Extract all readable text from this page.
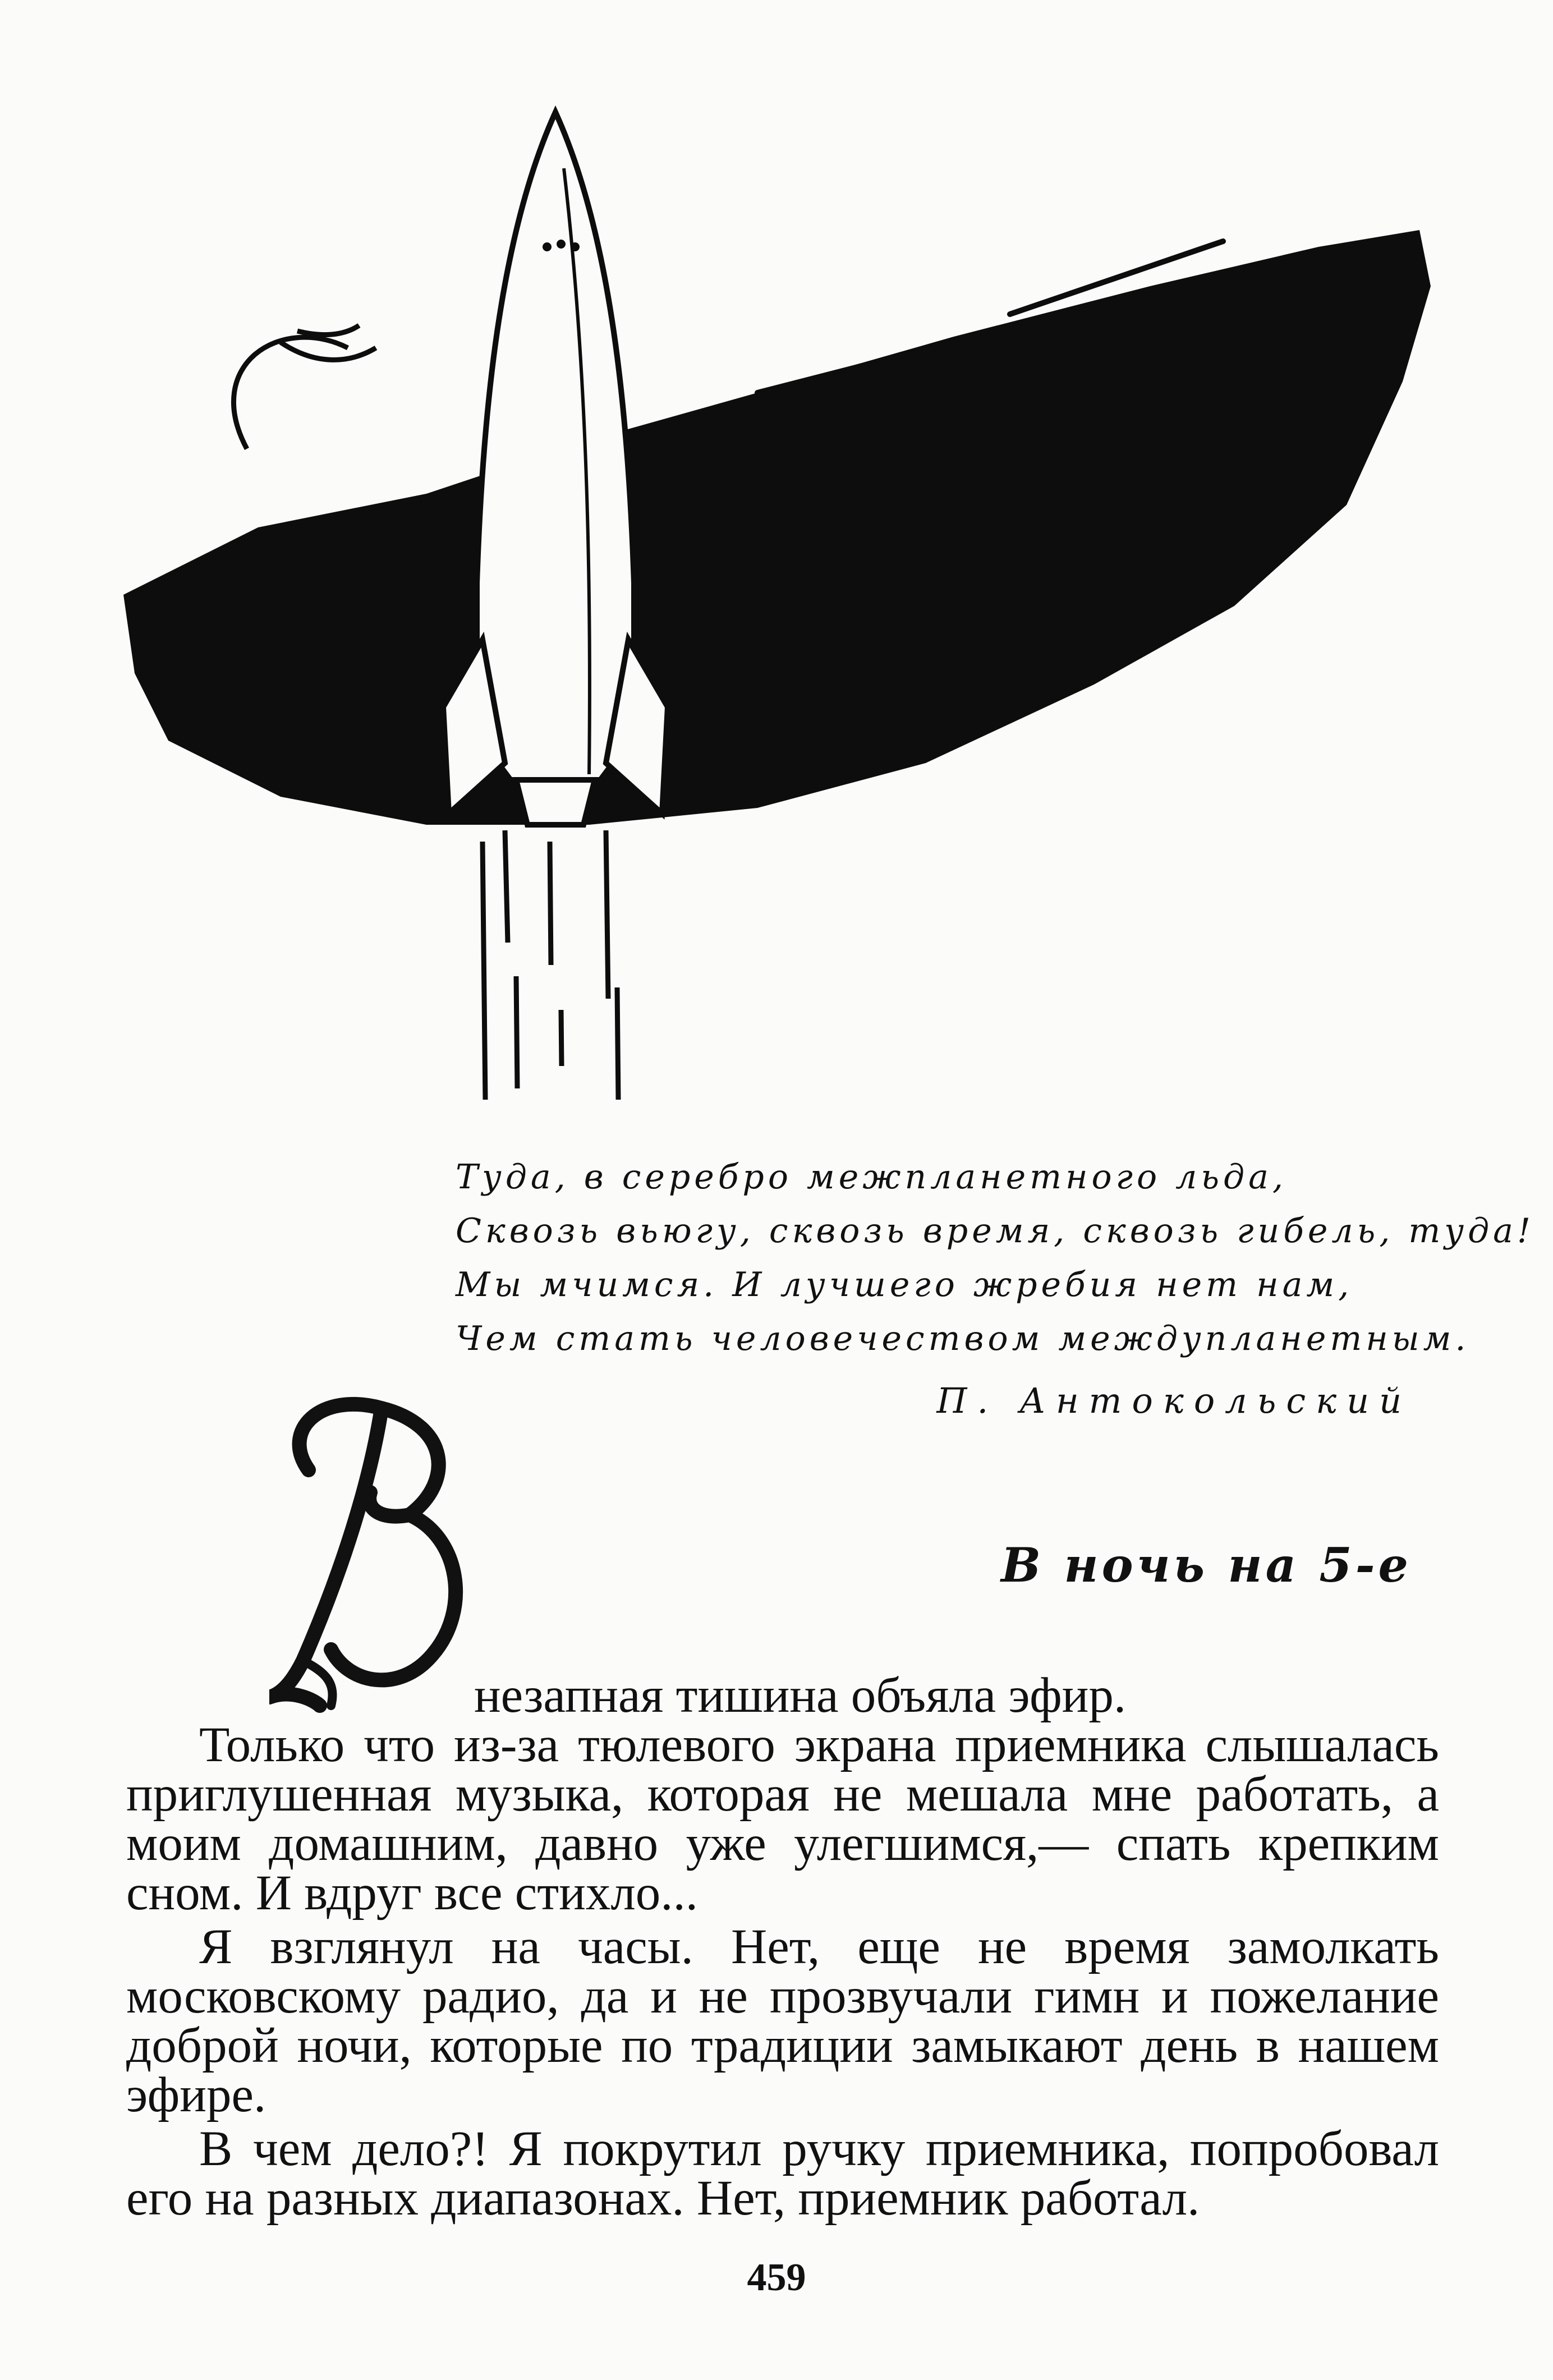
Туда, в серебро межпланетного льда,
Сквозь вьюгу, сквозь время, сквозь гибель, туда!
Мы мчимся. И лучшего жребия нет нам,
Чем стать человечеством междупланетным.
П. Антокольский
В ночь на 5-е

незапная тишина объяла эфир.

Только что из-за тюлевого экрана приемника слышалась приглушенная музыка, которая не мешала мне работать, а моим домашним, давно уже улегшимся,— спать крепким сном. И вдруг все стихло...

Я взглянул на часы. Нет, еще не время замолкать московскому радио, да и не прозвучали гимн и пожелание доброй ночи, которые по традиции замыкают день в нашем эфире.

В чем дело?! Я покрутил ручку приемника, попробовал его на разных диапазонах. Нет, приемник работал.

459
